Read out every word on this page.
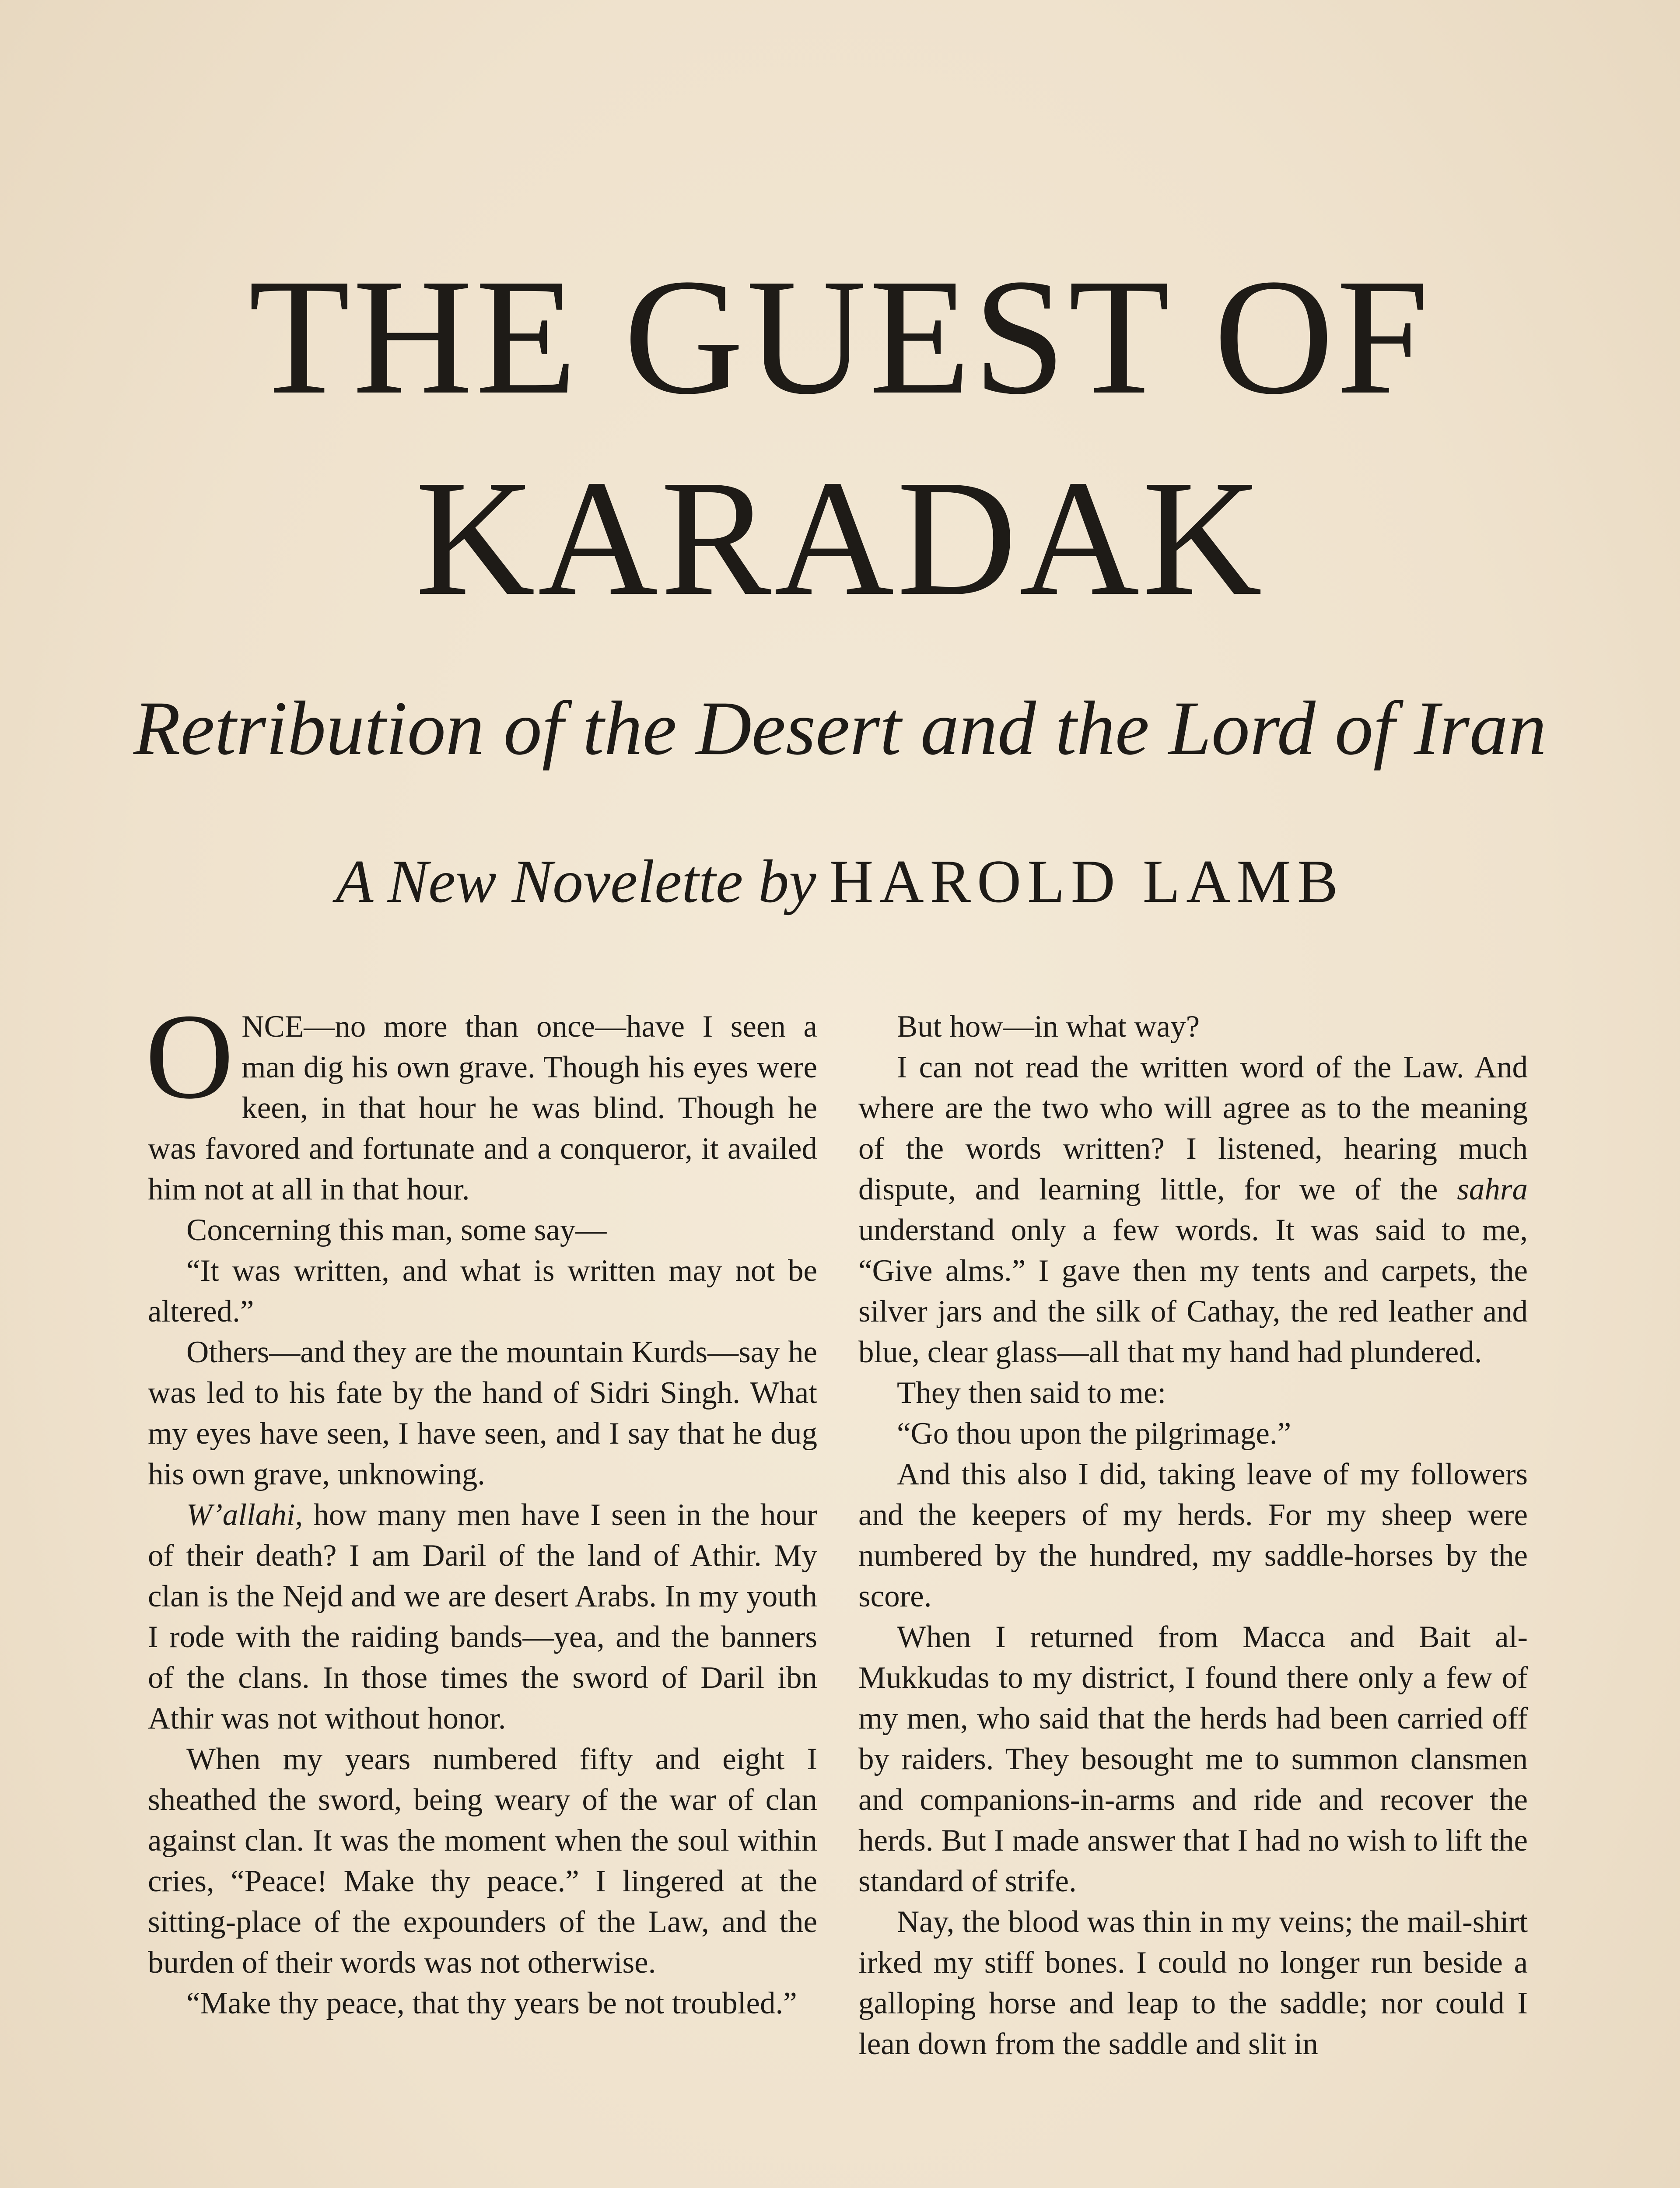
THE GUEST OF
KARADAK
Retribution of the Desert and the Lord of Iran
A New Novelette by HAROLD LAMB

ONCE—no more than once—have I seen a man dig his own grave. Though his eyes were keen, in that hour he was blind. Though he was favored and fortunate and a conqueror, it availed him not at all in that hour.

Concerning this man, some say—

“It was written, and what is written may not be altered.”

Others—and they are the mountain Kurds—say he was led to his fate by the hand of Sidri Singh. What my eyes have seen, I have seen, and I say that he dug his own grave, unknowing.

W’allahi, how many men have I seen in the hour of their death? I am Daril of the land of Athir. My clan is the Nejd and we are desert Arabs. In my youth I rode with the raiding bands—yea, and the banners of the clans. In those times the sword of Daril ibn Athir was not without honor.

When my years numbered fifty and eight I sheathed the sword, being weary of the war of clan against clan. It was the moment when the soul within cries, “Peace! Make thy peace.” I lingered at the sitting-place of the expounders of the Law, and the burden of their words was not otherwise.

“Make thy peace, that thy years be not troubled.”

But how—in what way?

I can not read the written word of the Law. And where are the two who will agree as to the meaning of the words written? I listened, hearing much dispute, and learning little, for we of the sahra understand only a few words. It was said to me, “Give alms.” I gave then my tents and carpets, the silver jars and the silk of Cathay, the red leather and blue, clear glass—all that my hand had plundered.

They then said to me:

“Go thou upon the pilgrimage.”

And this also I did, taking leave of my followers and the keepers of my herds. For my sheep were numbered by the hundred, my saddle-horses by the score.

When I returned from Macca and Bait al-Mukkudas to my district, I found there only a few of my men, who said that the herds had been carried off by raiders. They besought me to summon clansmen and companions-in-arms and ride and recover the herds. But I made answer that I had no wish to lift the standard of strife.

Nay, the blood was thin in my veins; the mail-shirt irked my stiff bones. I could no longer run beside a galloping horse and leap to the saddle; nor could I lean down from the saddle and slit in
